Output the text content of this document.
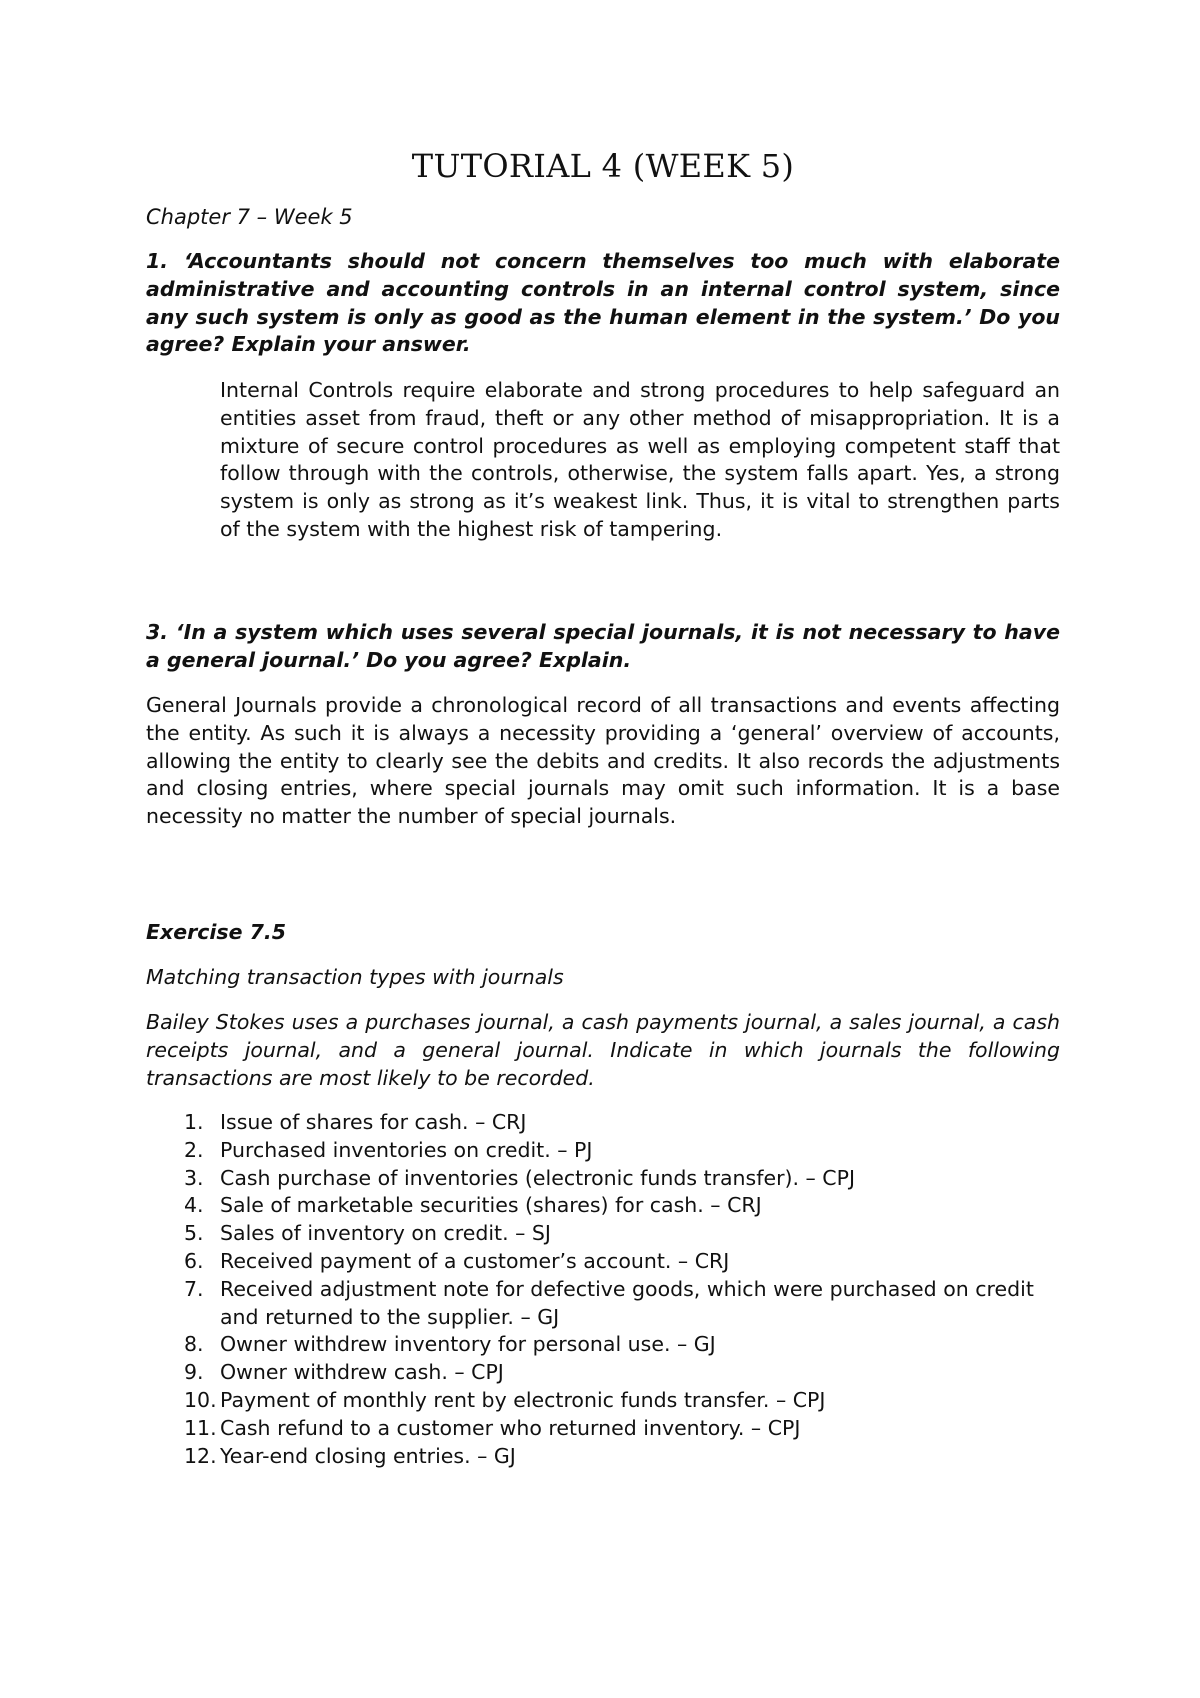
TUTORIAL 4 (WEEK 5)

Chapter 7 – Week 5

1. ‘Accountants should not concern themselves too much with elaborate administrative and accounting controls in an internal control system, since any such system is only as good as the human element in the system.’ Do you agree? Explain your answer.

Internal Controls require elaborate and strong procedures to help safeguard an entities asset from fraud, theft or any other method of misappropriation. It is a mixture of secure control procedures as well as employing competent staff that follow through with the controls, otherwise, the system falls apart. Yes, a strong system is only as strong as it’s weakest link. Thus, it is vital to strengthen parts of the system with the highest risk of tampering.

3. ‘In a system which uses several special journals, it is not necessary to have a general journal.’ Do you agree? Explain.

General Journals provide a chronological record of all transactions and events affecting the entity. As such it is always a necessity providing a ‘general’ overview of accounts, allowing the entity to clearly see the debits and credits. It also records the adjustments and closing entries, where special journals may omit such information. It is a base necessity no matter the number of special journals.

Exercise 7.5

Matching transaction types with journals

Bailey Stokes uses a purchases journal, a cash payments journal, a sales journal, a cash receipts journal, and a general journal. Indicate in which journals the following transactions are most likely to be recorded.

1. Issue of shares for cash. – CRJ
2. Purchased inventories on credit. – PJ
3. Cash purchase of inventories (electronic funds transfer). – CPJ
4. Sale of marketable securities (shares) for cash. – CRJ
5. Sales of inventory on credit. – SJ
6. Received payment of a customer’s account. – CRJ
7. Received adjustment note for defective goods, which were purchased on credit and returned to the supplier. – GJ
8. Owner withdrew inventory for personal use. – GJ
9. Owner withdrew cash. – CPJ
10. Payment of monthly rent by electronic funds transfer. – CPJ
11. Cash refund to a customer who returned inventory. – CPJ
12. Year-end closing entries. – GJ
